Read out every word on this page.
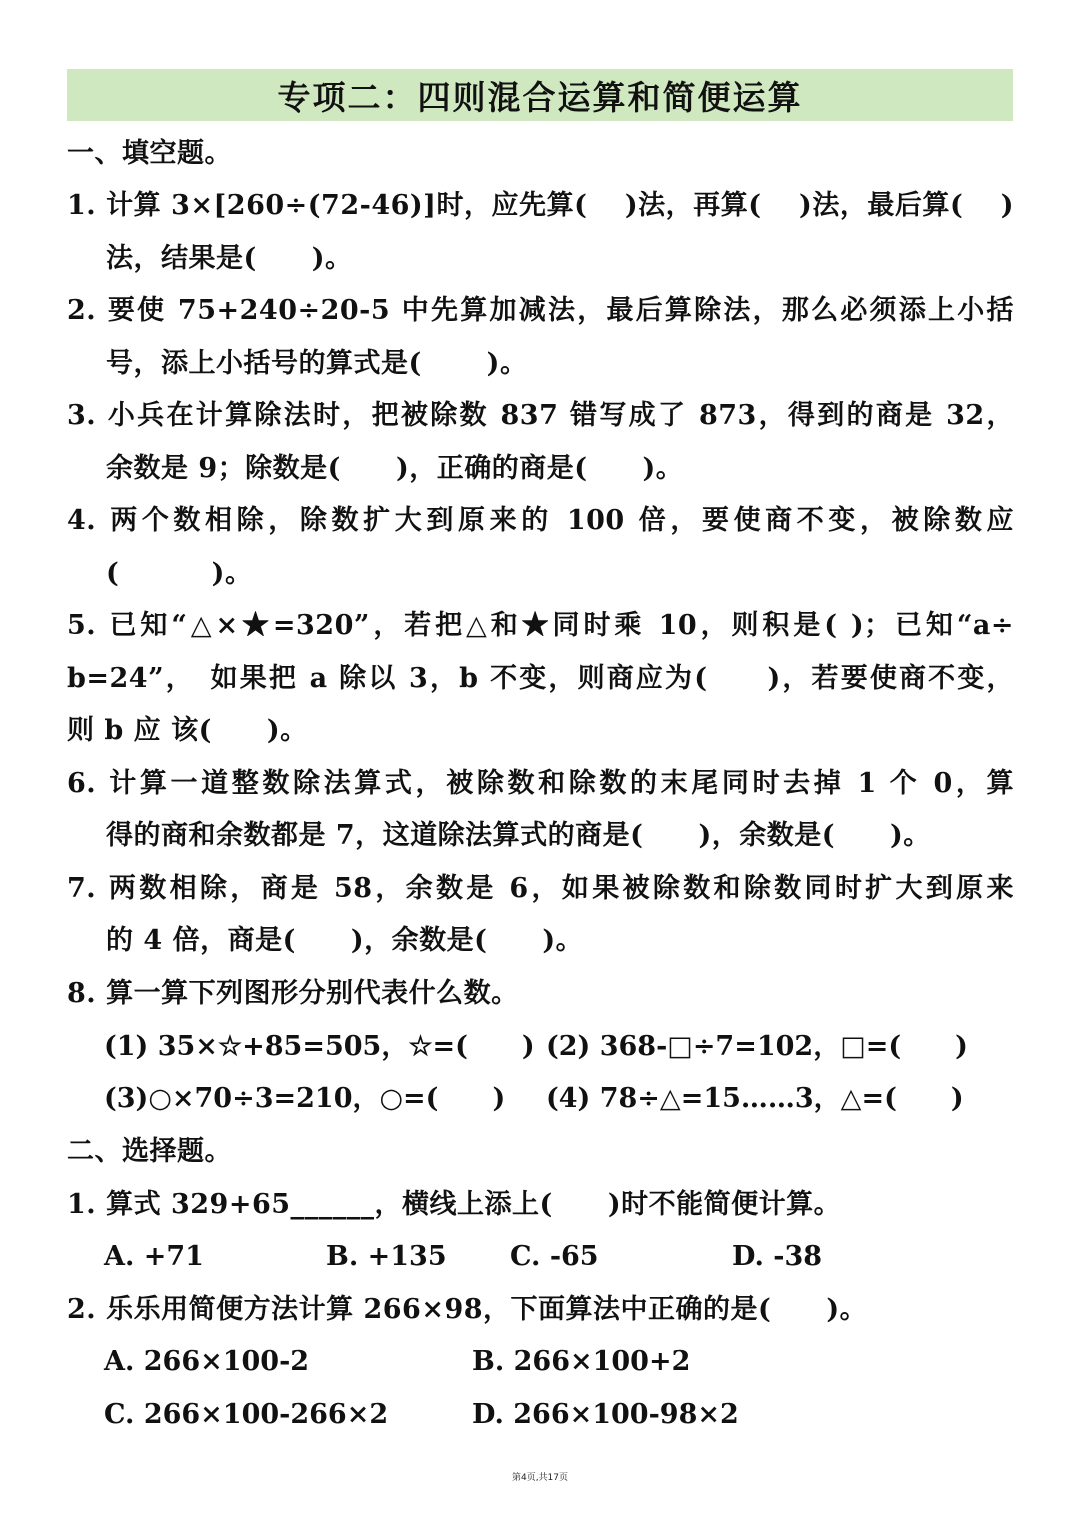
专项二：四则混合运算和简便运算
一、填空题。
1. 计算 3×[260÷(72-46)]时，应先算(　 )法，再算(　 )法，最后算(　 )
法，结果是(　　)。
2. 要使 75+240÷20-5 中先算加减法，最后算除法，那么必须添上小括
号，添上小括号的算式是(　　 )。
3. 小兵在计算除法时，把被除数 837 错写成了 873，得到的商是 32，
余数是 9；除数是(　　)，正确的商是(　　)。
4. 两个数相除，除数扩大到原来的 100 倍，要使商不变，被除数应
(　　　 )。
5. 已知“△×★=320”，若把△和★同时乘 10，则积是( )；已知“a÷
b=24”，　如果把 a 除以 3，b 不变，则商应为(　　)，若要使商不变，
则 b 应 该(　　)。
6. 计算一道整数除法算式，被除数和除数的末尾同时去掉 1 个 0，算
得的商和余数都是 7，这道除法算式的商是(　　)，余数是(　　)。
7. 两数相除，商是 58，余数是 6，如果被除数和除数同时扩大到原来
的 4 倍，商是(　　)，余数是(　　)。
8. 算一算下列图形分别代表什么数。
(1) 35×☆+85=505，☆=(　　) (2) 368-□÷7=102，□=(　　)
(3)○×70÷3=210，○=(　　) (4) 78÷△=15……3，△=(　　)
二、选择题。
1. 算式 329+65______，横线上添上(　　)时不能简便计算。
A. +71	B. +135 C. -65	D. -38
2. 乐乐用简便方法计算 266×98，下面算法中正确的是(　　)。
A. 266×100-2	B. 266×100+2
C. 266×100-266×2	D. 266×100-98×2
第4页,共17页
